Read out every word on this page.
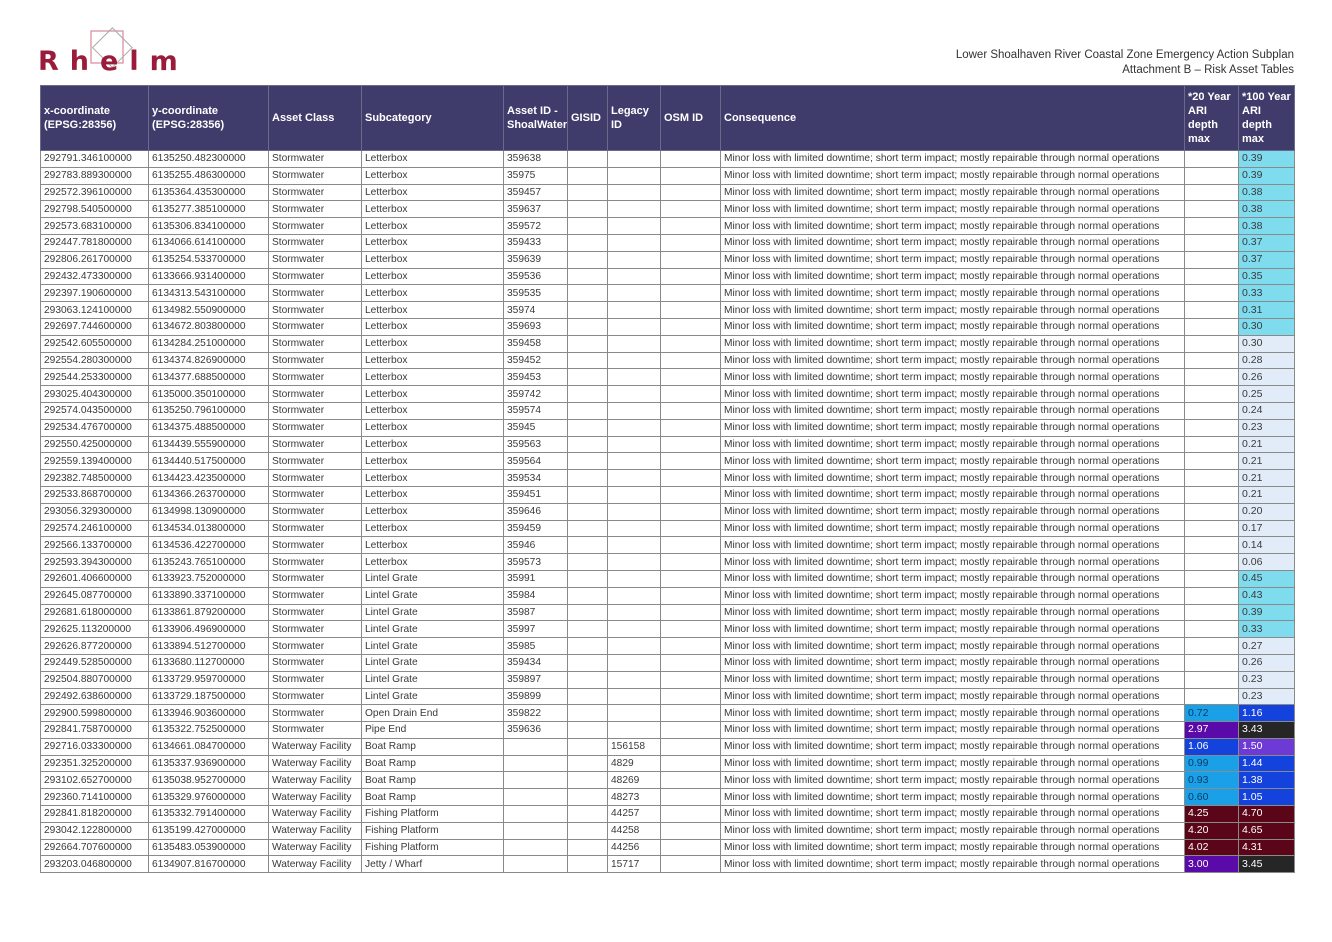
Rhelm	Lower Shoalhaven River Coastal Zone Emergency Action Subplan
Attachment B – Risk Asset Tables
x-coordinate (EPSG:28356)	y-coordinate (EPSG:28356)	Asset Class	Subcategory	Asset ID - ShoalWater	GISID	Legacy ID	OSM ID	Consequence	*20 Year ARI depth max	*100 Year ARI depth max
292791.346100000	6135250.482300000	Stormwater	Letterbox	359638				Minor loss with limited downtime; short term impact; mostly repairable through normal operations		0.39
292783.889300000	6135255.486300000	Stormwater	Letterbox	35975				Minor loss with limited downtime; short term impact; mostly repairable through normal operations		0.39
292572.396100000	6135364.435300000	Stormwater	Letterbox	359457				Minor loss with limited downtime; short term impact; mostly repairable through normal operations		0.38
292798.540500000	6135277.385100000	Stormwater	Letterbox	359637				Minor loss with limited downtime; short term impact; mostly repairable through normal operations		0.38
292573.683100000	6135306.834100000	Stormwater	Letterbox	359572				Minor loss with limited downtime; short term impact; mostly repairable through normal operations		0.38
292447.781800000	6134066.614100000	Stormwater	Letterbox	359433				Minor loss with limited downtime; short term impact; mostly repairable through normal operations		0.37
292806.261700000	6135254.533700000	Stormwater	Letterbox	359639				Minor loss with limited downtime; short term impact; mostly repairable through normal operations		0.37
292432.473300000	6133666.931400000	Stormwater	Letterbox	359536				Minor loss with limited downtime; short term impact; mostly repairable through normal operations		0.35
292397.190600000	6134313.543100000	Stormwater	Letterbox	359535				Minor loss with limited downtime; short term impact; mostly repairable through normal operations		0.33
293063.124100000	6134982.550900000	Stormwater	Letterbox	35974				Minor loss with limited downtime; short term impact; mostly repairable through normal operations		0.31
292697.744600000	6134672.803800000	Stormwater	Letterbox	359693				Minor loss with limited downtime; short term impact; mostly repairable through normal operations		0.30
292542.605500000	6134284.251000000	Stormwater	Letterbox	359458				Minor loss with limited downtime; short term impact; mostly repairable through normal operations		0.30
292554.280300000	6134374.826900000	Stormwater	Letterbox	359452				Minor loss with limited downtime; short term impact; mostly repairable through normal operations		0.28
292544.253300000	6134377.688500000	Stormwater	Letterbox	359453				Minor loss with limited downtime; short term impact; mostly repairable through normal operations		0.26
293025.404300000	6135000.350100000	Stormwater	Letterbox	359742				Minor loss with limited downtime; short term impact; mostly repairable through normal operations		0.25
292574.043500000	6135250.796100000	Stormwater	Letterbox	359574				Minor loss with limited downtime; short term impact; mostly repairable through normal operations		0.24
292534.476700000	6134375.488500000	Stormwater	Letterbox	35945				Minor loss with limited downtime; short term impact; mostly repairable through normal operations		0.23
292550.425000000	6134439.555900000	Stormwater	Letterbox	359563				Minor loss with limited downtime; short term impact; mostly repairable through normal operations		0.21
292559.139400000	6134440.517500000	Stormwater	Letterbox	359564				Minor loss with limited downtime; short term impact; mostly repairable through normal operations		0.21
292382.748500000	6134423.423500000	Stormwater	Letterbox	359534				Minor loss with limited downtime; short term impact; mostly repairable through normal operations		0.21
292533.868700000	6134366.263700000	Stormwater	Letterbox	359451				Minor loss with limited downtime; short term impact; mostly repairable through normal operations		0.21
293056.329300000	6134998.130900000	Stormwater	Letterbox	359646				Minor loss with limited downtime; short term impact; mostly repairable through normal operations		0.20
292574.246100000	6134534.013800000	Stormwater	Letterbox	359459				Minor loss with limited downtime; short term impact; mostly repairable through normal operations		0.17
292566.133700000	6134536.422700000	Stormwater	Letterbox	35946				Minor loss with limited downtime; short term impact; mostly repairable through normal operations		0.14
292593.394300000	6135243.765100000	Stormwater	Letterbox	359573				Minor loss with limited downtime; short term impact; mostly repairable through normal operations		0.06
292601.406600000	6133923.752000000	Stormwater	Lintel Grate	35991				Minor loss with limited downtime; short term impact; mostly repairable through normal operations		0.45
292645.087700000	6133890.337100000	Stormwater	Lintel Grate	35984				Minor loss with limited downtime; short term impact; mostly repairable through normal operations		0.43
292681.618000000	6133861.879200000	Stormwater	Lintel Grate	35987				Minor loss with limited downtime; short term impact; mostly repairable through normal operations		0.39
292625.113200000	6133906.496900000	Stormwater	Lintel Grate	35997				Minor loss with limited downtime; short term impact; mostly repairable through normal operations		0.33
292626.877200000	6133894.512700000	Stormwater	Lintel Grate	35985				Minor loss with limited downtime; short term impact; mostly repairable through normal operations		0.27
292449.528500000	6133680.112700000	Stormwater	Lintel Grate	359434				Minor loss with limited downtime; short term impact; mostly repairable through normal operations		0.26
292504.880700000	6133729.959700000	Stormwater	Lintel Grate	359897				Minor loss with limited downtime; short term impact; mostly repairable through normal operations		0.23
292492.638600000	6133729.187500000	Stormwater	Lintel Grate	359899				Minor loss with limited downtime; short term impact; mostly repairable through normal operations		0.23
292900.599800000	6133946.903600000	Stormwater	Open Drain End	359822				Minor loss with limited downtime; short term impact; mostly repairable through normal operations	0.72	1.16
292841.758700000	6135322.752500000	Stormwater	Pipe End	359636				Minor loss with limited downtime; short term impact; mostly repairable through normal operations	2.97	3.43
292716.033300000	6134661.084700000	Waterway Facility	Boat Ramp			156158		Minor loss with limited downtime; short term impact; mostly repairable through normal operations	1.06	1.50
292351.325200000	6135337.936900000	Waterway Facility	Boat Ramp			4829		Minor loss with limited downtime; short term impact; mostly repairable through normal operations	0.99	1.44
293102.652700000	6135038.952700000	Waterway Facility	Boat Ramp			48269		Minor loss with limited downtime; short term impact; mostly repairable through normal operations	0.93	1.38
292360.714100000	6135329.976000000	Waterway Facility	Boat Ramp			48273		Minor loss with limited downtime; short term impact; mostly repairable through normal operations	0.60	1.05
292841.818200000	6135332.791400000	Waterway Facility	Fishing Platform			44257		Minor loss with limited downtime; short term impact; mostly repairable through normal operations	4.25	4.70
293042.122800000	6135199.427000000	Waterway Facility	Fishing Platform			44258		Minor loss with limited downtime; short term impact; mostly repairable through normal operations	4.20	4.65
292664.707600000	6135483.053900000	Waterway Facility	Fishing Platform			44256		Minor loss with limited downtime; short term impact; mostly repairable through normal operations	4.02	4.31
293203.046800000	6134907.816700000	Waterway Facility	Jetty / Wharf			15717		Minor loss with limited downtime; short term impact; mostly repairable through normal operations	3.00	3.45
